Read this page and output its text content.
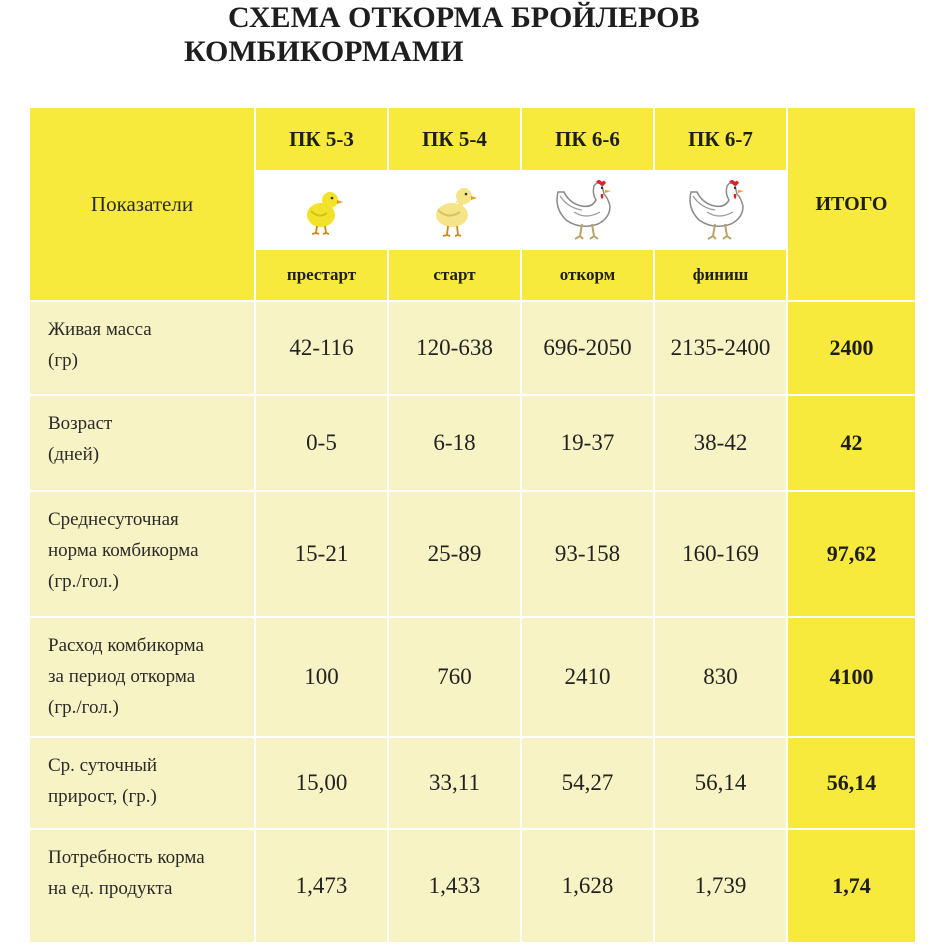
СХЕМА ОТКОРМА БРОЙЛЕРОВ
КОМБИКОРМАМИ
Показатели	ПК 5-3	ПК 5-4	ПК 6-6	ПК 6-7	ИТОГО

	престарт	старт	откорм	финиш	
Живая масса
(гр)	42-116	120-638	696-2050	2135-2400	2400
Возраст
(дней)	0-5	6-18	19-37	38-42	42
Среднесуточная
норма комбикорма
(гр./гол.)	15-21	25-89	93-158	160-169	97,62
Расход комбикорма
за период откорма
(гр./гол.)	100	760	2410	830	4100
Ср. суточный
прирост, (гр.)	15,00	33,11	54,27	56,14	56,14
Потребность корма
на ед. продукта	1,473	1,433	1,628	1,739	1,74
